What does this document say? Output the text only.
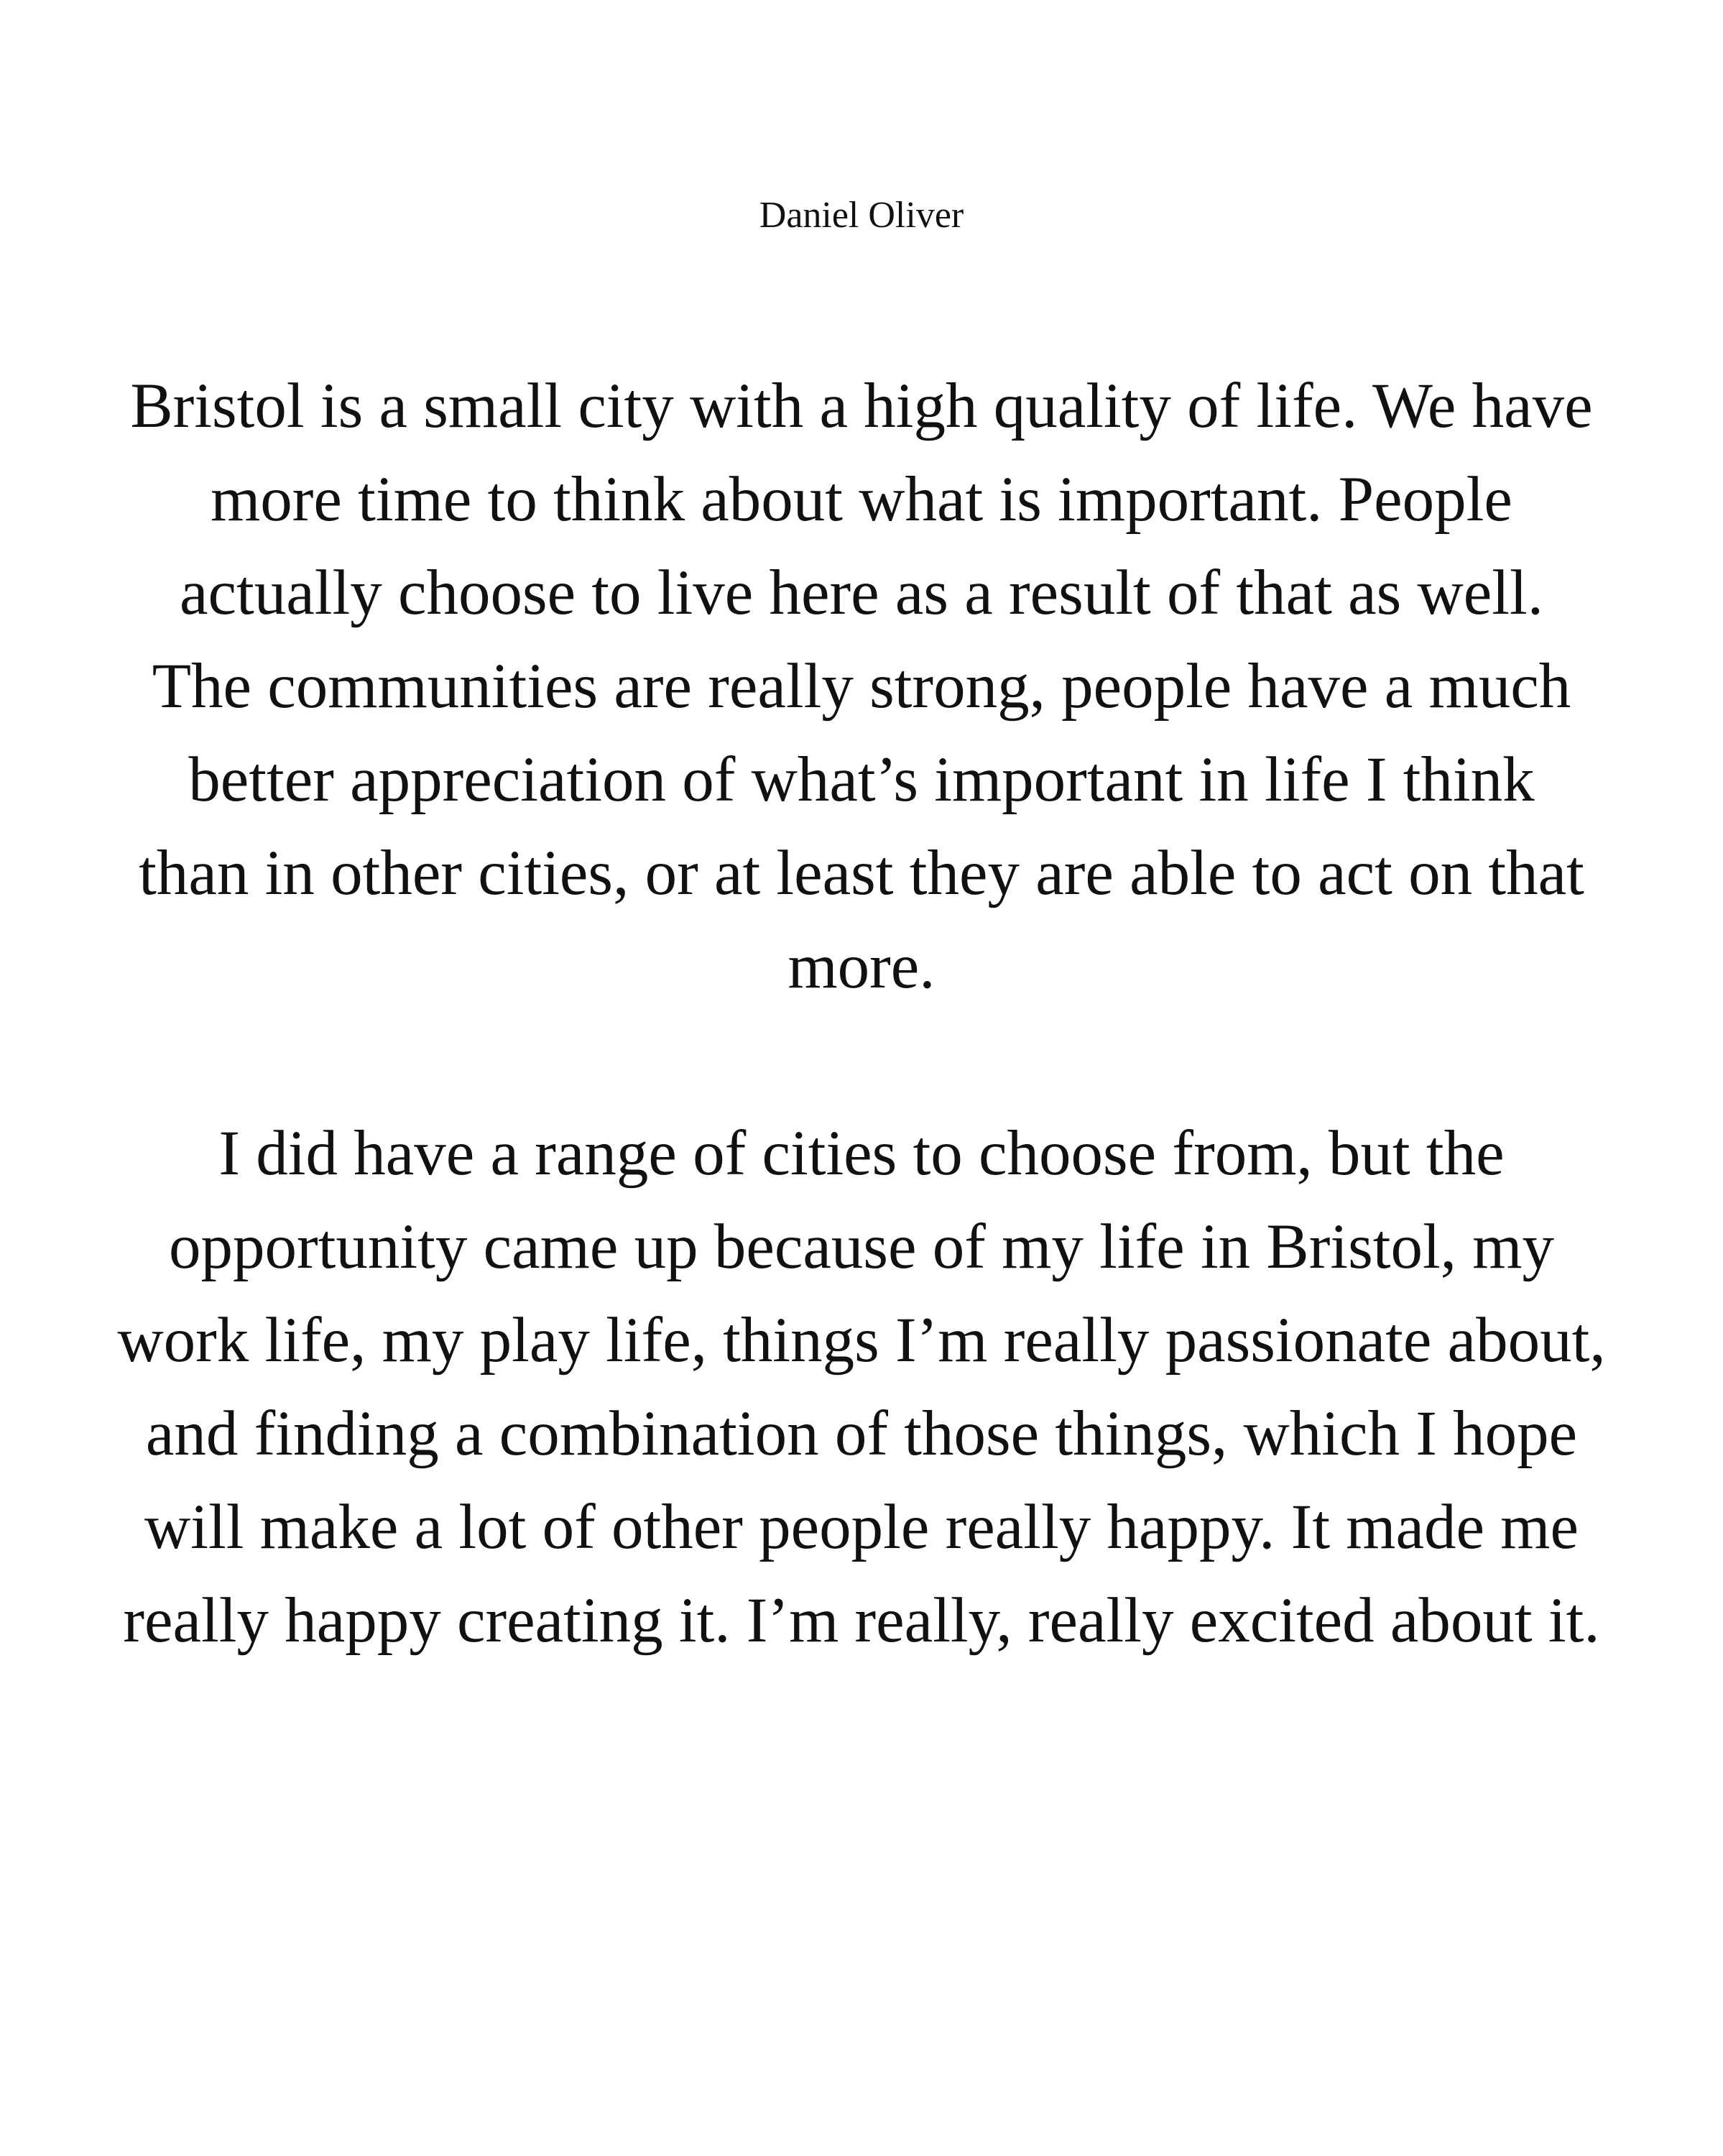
Daniel Oliver

Bristol is a small city with a high quality of life. We have
more time to think about what is important. People
actually choose to live here as a result of that as well.
The communities are really strong, people have a much
better appreciation of what’s important in life I think
than in other cities, or at least they are able to act on that
more.

I did have a range of cities to choose from, but the
opportunity came up because of my life in Bristol, my
work life, my play life, things I’m really passionate about,
and finding a combination of those things, which I hope
will make a lot of other people really happy. It made me
really happy creating it. I’m really, really excited about it.
